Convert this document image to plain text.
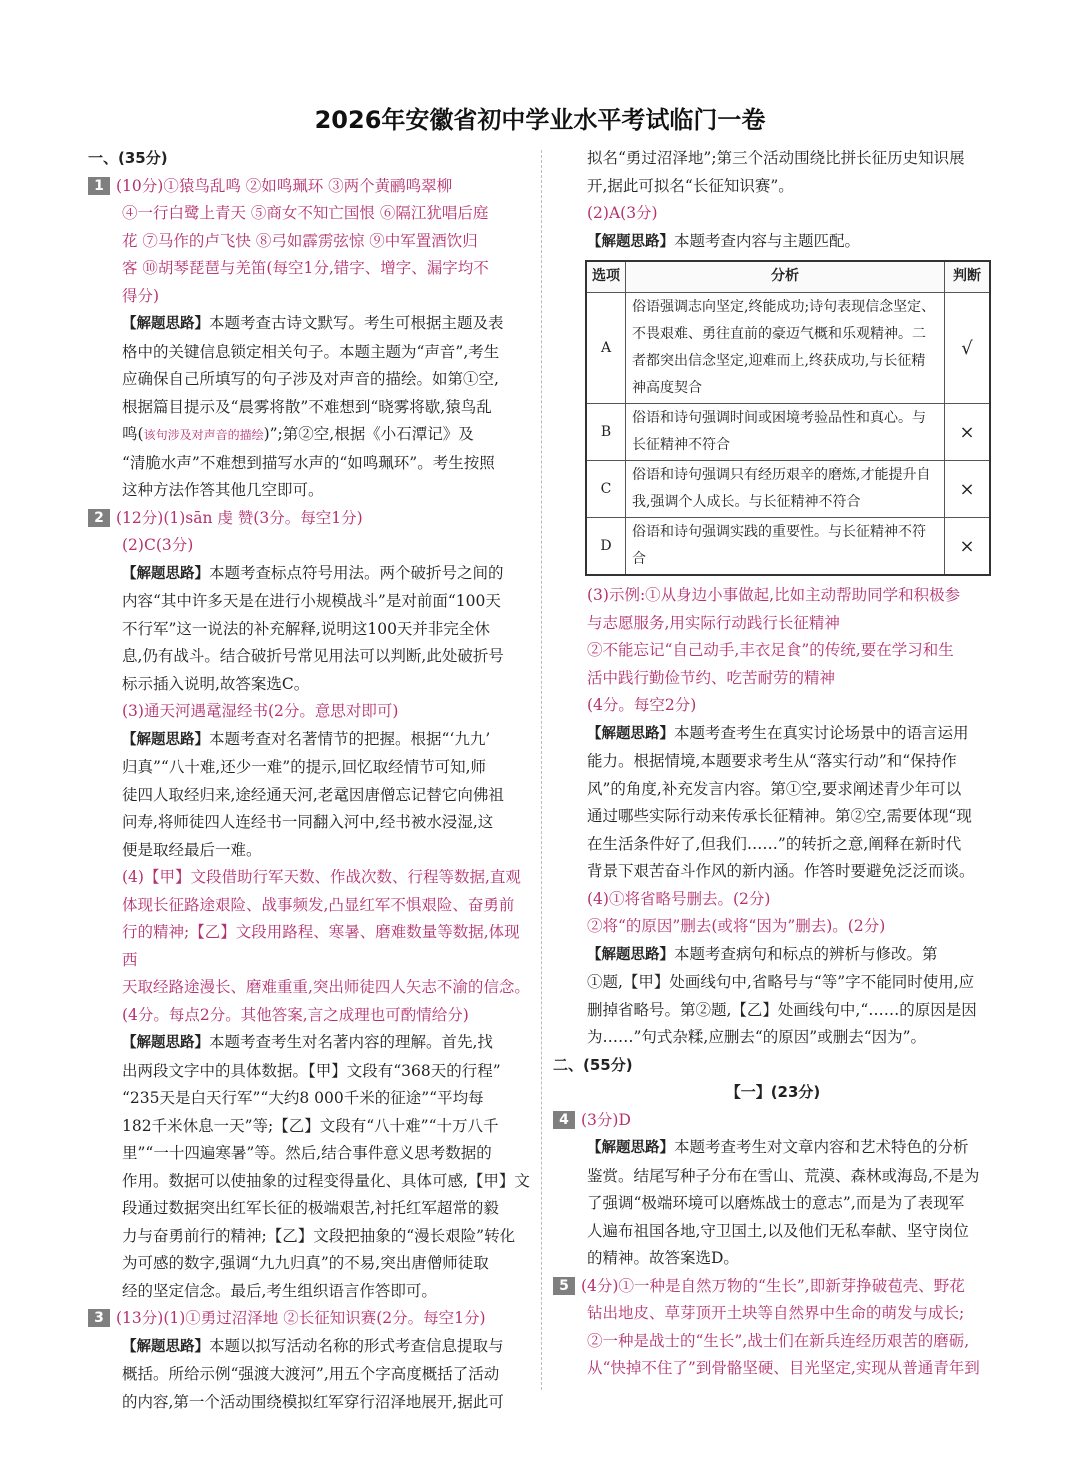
2026年安徽省初中学业水平考试临门一卷

一、(35分)

1 (10分)①猿鸟乱鸣 ②如鸣珮环 ③两个黄鹂鸣翠柳

④一行白鹭上青天 ⑤商女不知亡国恨 ⑥隔江犹唱后庭

花 ⑦马作的卢飞快 ⑧弓如霹雳弦惊 ⑨中军置酒饮归

客 ⑩胡琴琵琶与羌笛(每空1分,错字、增字、漏字均不

得分)

【解题思路】本题考查古诗文默写。考生可根据主题及表

格中的关键信息锁定相关句子。本题主题为“声音”,考生

应确保自己所填写的句子涉及对声音的描绘。如第①空,

根据篇目提示及“晨雾将散”不难想到“晓雾将歇,猿鸟乱

鸣(该句涉及对声音的描绘)”;第②空,根据《小石潭记》及

“清脆水声”不难想到描写水声的“如鸣珮环”。考生按照

这种方法作答其他几空即可。

2 (12分)(1)sān 虔 赞(3分。每空1分)

(2)C(3分)

【解题思路】本题考查标点符号用法。两个破折号之间的

内容“其中许多天是在进行小规模战斗”是对前面“100天

不行军”这一说法的补充解释,说明这100天并非完全休

息,仍有战斗。结合破折号常见用法可以判断,此处破折号

标示插入说明,故答案选C。

(3)通天河遇鼋湿经书(2分。意思对即可)

【解题思路】本题考查对名著情节的把握。根据“‘九九’

归真”“八十难,还少一难”的提示,回忆取经情节可知,师

徒四人取经归来,途经通天河,老鼋因唐僧忘记替它向佛祖

问寿,将师徒四人连经书一同翻入河中,经书被水浸湿,这

便是取经最后一难。

(4)【甲】文段借助行军天数、作战次数、行程等数据,直观

体现长征路途艰险、战事频发,凸显红军不惧艰险、奋勇前

行的精神;【乙】文段用路程、寒暑、磨难数量等数据,体现西

天取经路途漫长、磨难重重,突出师徒四人矢志不渝的信念。

(4分。每点2分。其他答案,言之成理也可酌情给分)

【解题思路】本题考查考生对名著内容的理解。首先,找

出两段文字中的具体数据。【甲】文段有“368天的行程”

“235天是白天行军”“大约8 000千米的征途”“平均每

182千米休息一天”等;【乙】文段有“八十难”“十万八千

里”“一十四遍寒暑”等。然后,结合事件意义思考数据的

作用。数据可以使抽象的过程变得量化、具体可感,【甲】文

段通过数据突出红军长征的极端艰苦,衬托红军超常的毅

力与奋勇前行的精神;【乙】文段把抽象的“漫长艰险”转化

为可感的数字,强调“九九归真”的不易,突出唐僧师徒取

经的坚定信念。最后,考生组织语言作答即可。

3 (13分)(1)①勇过沼泽地 ②长征知识赛(2分。每空1分)

【解题思路】本题以拟写活动名称的形式考查信息提取与

概括。所给示例“强渡大渡河”,用五个字高度概括了活动

的内容,第一个活动围绕模拟红军穿行沼泽地展开,据此可

拟名“勇过沼泽地”;第三个活动围绕比拼长征历史知识展

开,据此可拟名“长征知识赛”。

(2)A(3分)

【解题思路】本题考查内容与主题匹配。

选项	分析	判断
A	俗语强调志向坚定,终能成功;诗句表现信念坚定、不畏艰难、勇往直前的豪迈气概和乐观精神。二者都突出信念坚定,迎难而上,终获成功,与长征精神高度契合	√
B	俗语和诗句强调时间或困境考验品性和真心。与长征精神不符合	×
C	俗语和诗句强调只有经历艰辛的磨炼,才能提升自我,强调个人成长。与长征精神不符合	×
D	俗语和诗句强调实践的重要性。与长征精神不符合	×

(3)示例:①从身边小事做起,比如主动帮助同学和积极参

与志愿服务,用实际行动践行长征精神

②不能忘记“自己动手,丰衣足食”的传统,要在学习和生

活中践行勤俭节约、吃苦耐劳的精神

(4分。每空2分)

【解题思路】本题考查考生在真实讨论场景中的语言运用

能力。根据情境,本题要求考生从“落实行动”和“保持作

风”的角度,补充发言内容。第①空,要求阐述青少年可以

通过哪些实际行动来传承长征精神。第②空,需要体现“现

在生活条件好了,但我们……”的转折之意,阐释在新时代

背景下艰苦奋斗作风的新内涵。作答时要避免泛泛而谈。

(4)①将省略号删去。(2分)

②将“的原因”删去(或将“因为”删去)。(2分)

【解题思路】本题考查病句和标点的辨析与修改。第

①题,【甲】处画线句中,省略号与“等”字不能同时使用,应

删掉省略号。第②题,【乙】处画线句中,“……的原因是因

为……”句式杂糅,应删去“的原因”或删去“因为”。

二、(55分)

【一】(23分)

4 (3分)D

【解题思路】本题考查考生对文章内容和艺术特色的分析

鉴赏。结尾写种子分布在雪山、荒漠、森林或海岛,不是为

了强调“极端环境可以磨炼战士的意志”,而是为了表现军

人遍布祖国各地,守卫国土,以及他们无私奉献、坚守岗位

的精神。故答案选D。

5 (4分)①一种是自然万物的“生长”,即新芽挣破苞壳、野花

钻出地皮、草芽顶开土块等自然界中生命的萌发与成长;

②一种是战士的“生长”,战士们在新兵连经历艰苦的磨砺,

从“快掉不住了”到骨骼坚硬、目光坚定,实现从普通青年到
